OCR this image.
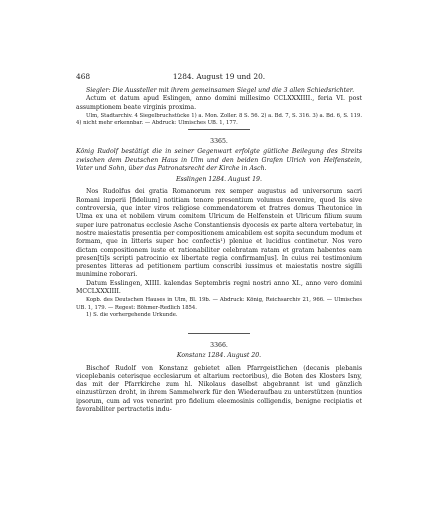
468	1284. August 19 und 20.

Siegler: Die Aussteller mit ihrem gemeinsamen Siegel und die 3 allen Schiedsrichter.

Actum et datum apud Eslingen, anno domini millesimo CCLXXXIIII., feria VI. post assumptionem beate virginis proxima.

Ulm, Stadtarchiv. 4 Siegelbruchstücke 1) a. Mon. Zoller. 8 S. 56. 2) a. Bd. 7, S. 316. 3) a. Bd. 6, S. 119. 4) nicht mehr erkennbar. — Abdruck: Ulmisches UB. 1, 177.

3365.

König Rudolf bestätigt die in seiner Gegenwart erfolgte gütliche Beilegung des Streits zwischen dem Deutschen Haus in Ulm und den beiden Grafen Ulrich von Helfenstein, Vater und Sohn, über das Patronatsrecht der Kirche in Asch.

Esslingen 1284. August 19.

Nos Rudolfus dei gratia Romanorum rex semper augustus ad universorum sacri Romani imperii [fidelium] notitiam tenore presentium volumus devenire, quod lis sive controversia, que inter viros religiose commendatorem et fratres domus Theutonice in Ulma ex una et nobilem virum comitem Ulricum de Helfenstein et Ulricum filium suum super iure patronatus ecclesie Asche Constantiensis dyocesis ex parte altera vertebatur, in nostre maiestatis presentia per compositionem amicabilem est sopita secundum modum et formam, que in litteris super hoc confectis¹) pleniue et lucidius continetur. Nos vero dictam compositionem iuste et rationabiliter celebratam ratam et gratam habentes eam presen[ti]s scripti patrocinio ex libertate regia confirmam[us]. In cuius rei testimonium presentes litteras ad petitionem partium conscribi iussimus et maiestatis nostre sigilli munimine roborari.

Datum Esslingen, XIIII. kalendas Septembris regni nostri anno XI., anno vero domini MCCLXXXIIII.

Kopb. des Deutschen Hauses in Ulm, Bl. 19b. — Abdruck: König, Reichsarchiv 21, 966. — Ulmisches UB. 1, 179. — Regest: Böhmer-Redlich 1854.

1) S. die vorhergehende Urkunde.

3366.

Konstanz 1284. August 20.

Bischof Rudolf von Konstanz gebietet allen Pfarrgeistlichen (decanis plebanis viceplebanis ceterisque ecclesiarum et altarium rectoribus), die Boten des Klosters Isny, das mit der Pfarrkirche zum hl. Nikolaus daselbst abgebrannt ist und gänzlich einzustürzen droht, in ihrem Sammelwerk für den Wiederaufbau zu unterstützen (nuntios ipsorum, cum ad vos venerint pro fidelium eleemosinis colligendis, benigne recipiatis et favorabiliter pertractetis indu-
